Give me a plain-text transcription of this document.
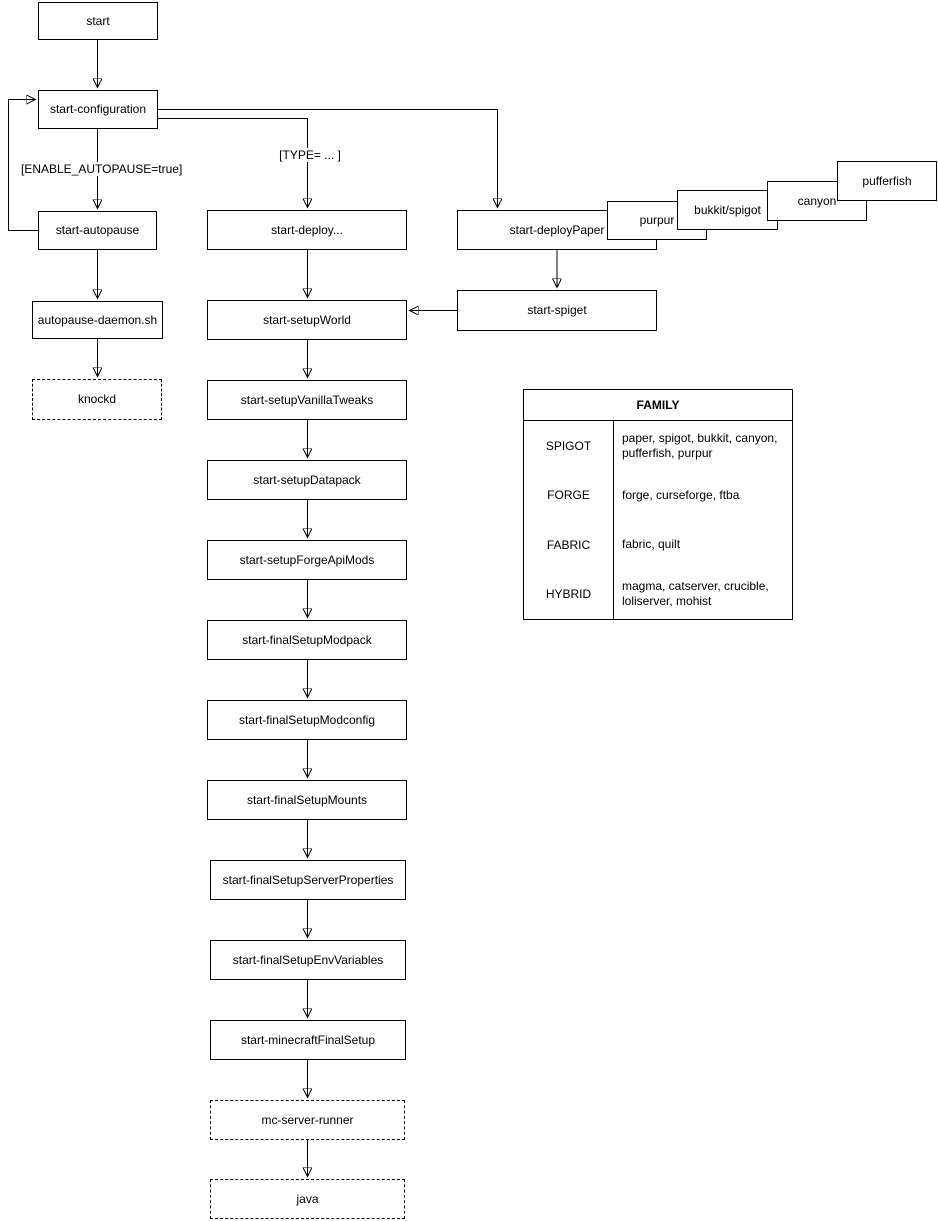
start
start-configuration
start-autopause
autopause-daemon.sh
knockd
start-deploy...
start-setupWorld
start-setupVanillaTweaks
start-setupDatapack
start-setupForgeApiMods
start-finalSetupModpack
start-finalSetupModconfig
start-finalSetupMounts
start-finalSetupServerProperties
start-finalSetupEnvVariables
start-minecraftFinalSetup
mc-server-runner
java
start-deployPaper
purpur
bukkit/spigot
canyon
pufferfish
start-spiget
[ENABLE_AUTOPAUSE=true]
[TYPE= ... ]
FAMILY
SPIGOT
paper, spigot, bukkit, canyon, pufferfish, purpur
FORGE	forge, curseforge, ftba
FABRIC	fabric, quilt
HYBRID
magma, catserver, crucible, loliserver, mohist
